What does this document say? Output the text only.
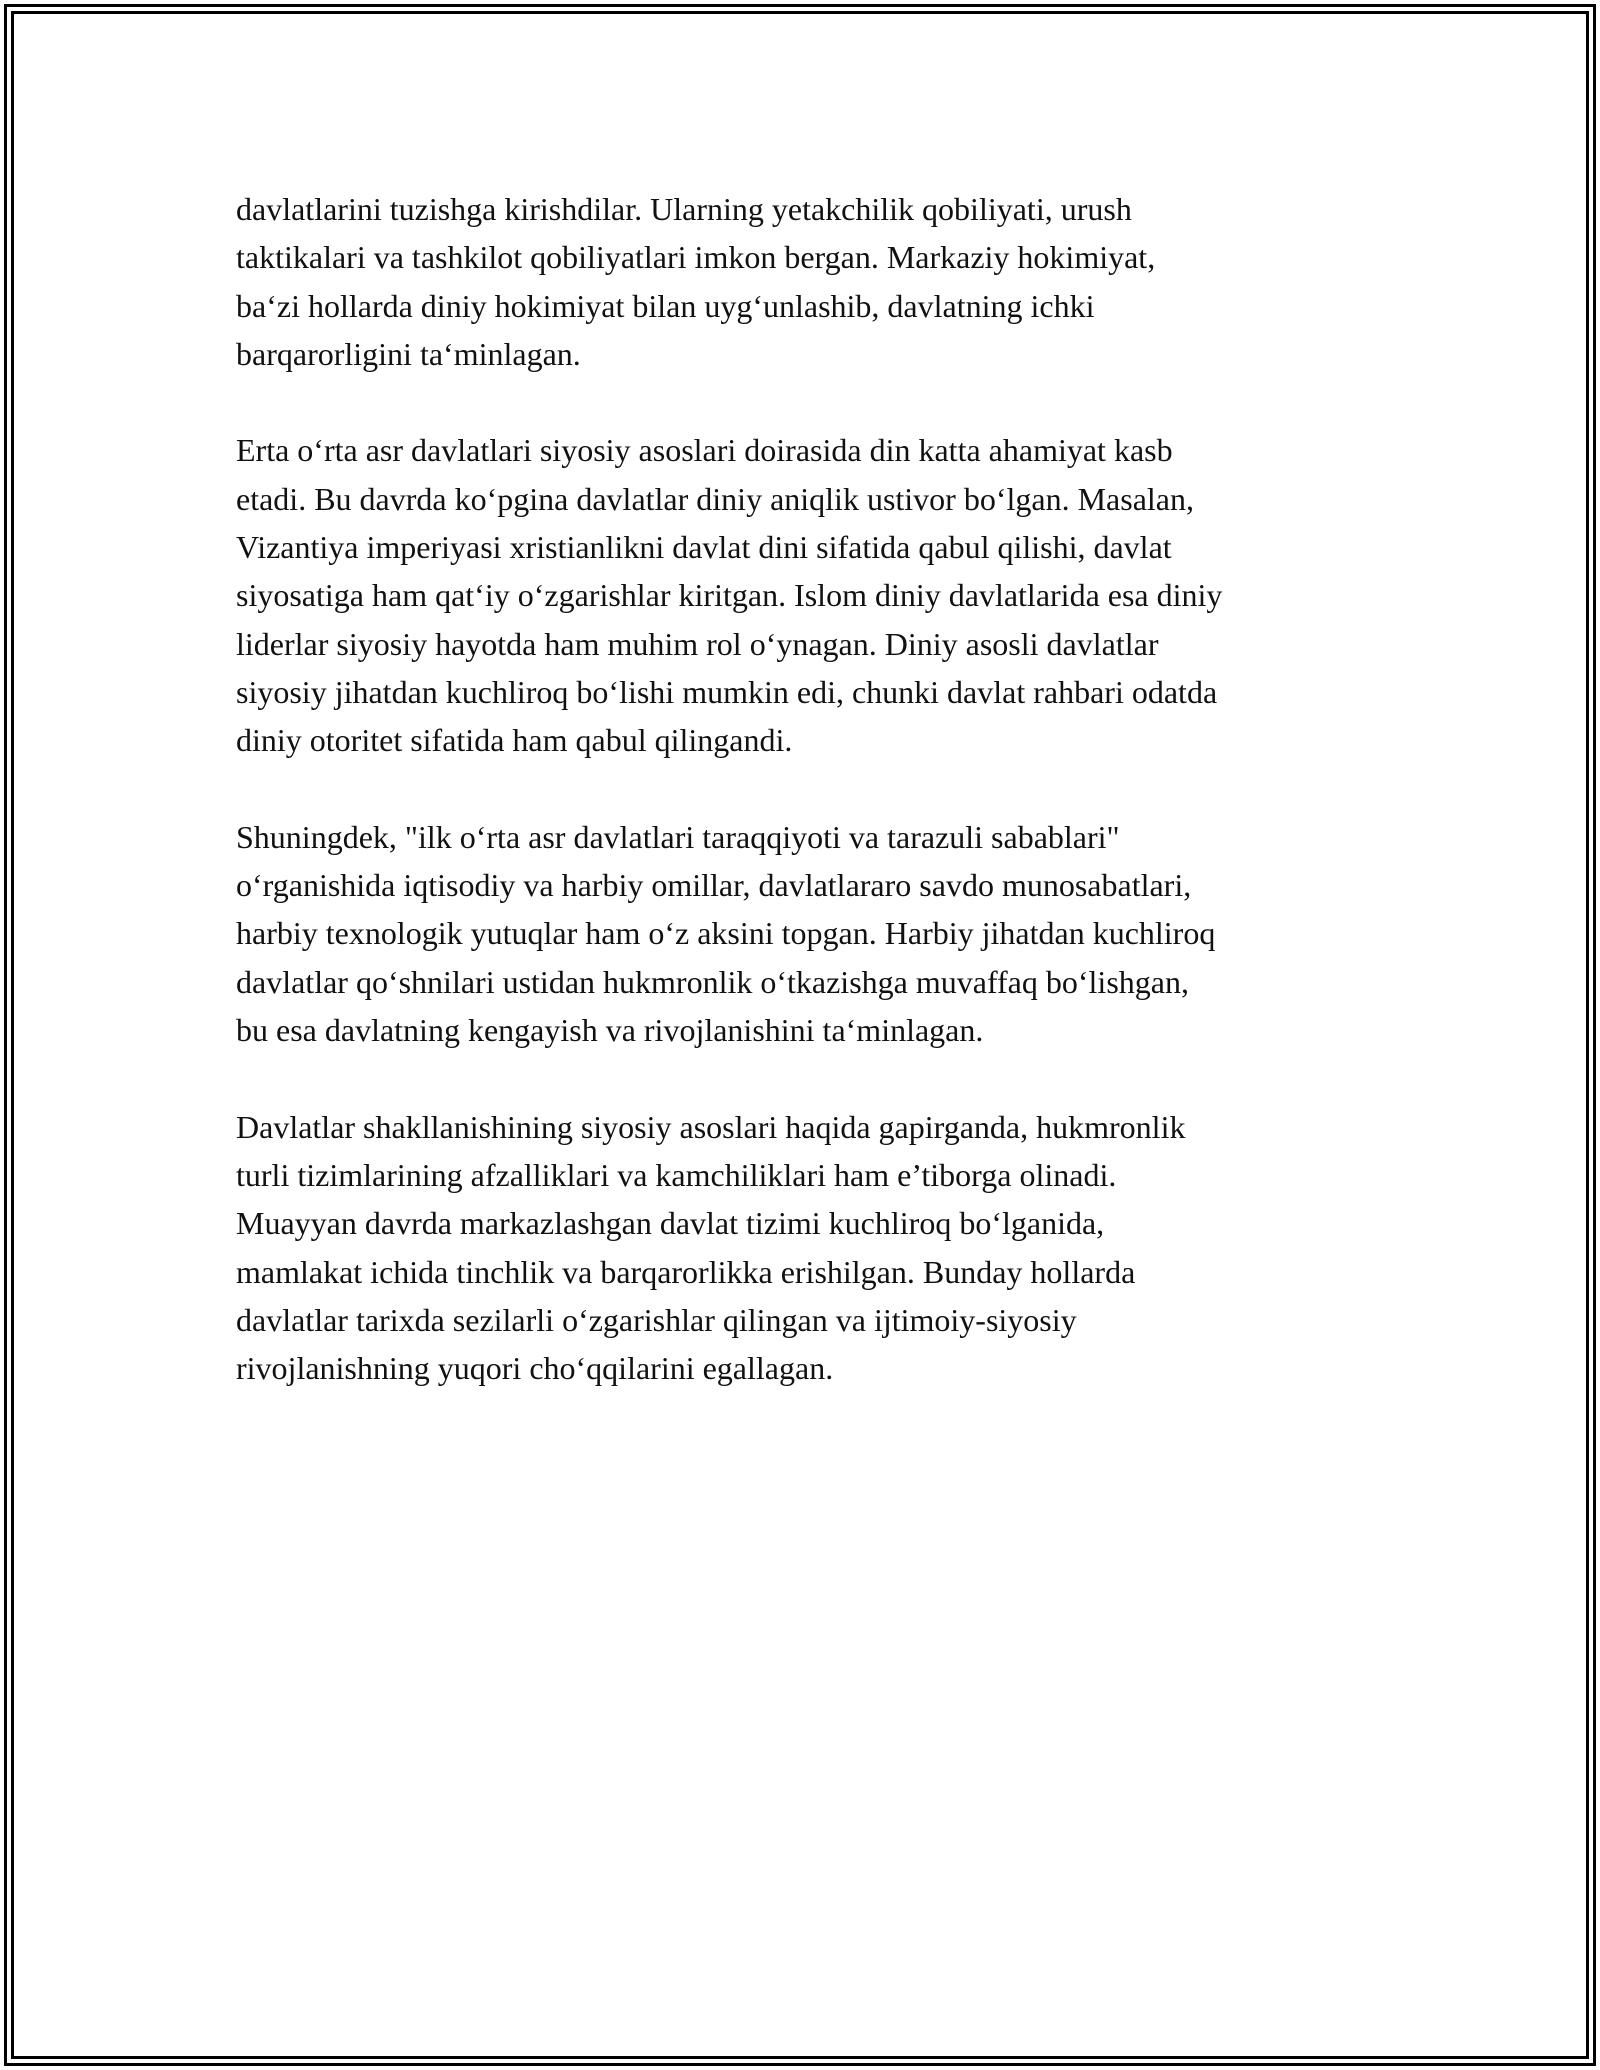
davlatlarini tuzishga kirishdilar. Ularning yetakchilik qobiliyati, urush
taktikalari va tashkilot qobiliyatlari imkon bergan. Markaziy hokimiyat,
ba‘zi hollarda diniy hokimiyat bilan uyg‘unlashib, davlatning ichki
barqarorligini ta‘minlagan.

Erta o‘rta asr davlatlari siyosiy asoslari doirasida din katta ahamiyat kasb
etadi. Bu davrda ko‘pgina davlatlar diniy aniqlik ustivor bo‘lgan. Masalan,
Vizantiya imperiyasi xristianlikni davlat dini sifatida qabul qilishi, davlat
siyosatiga ham qat‘iy o‘zgarishlar kiritgan. Islom diniy davlatlarida esa diniy
liderlar siyosiy hayotda ham muhim rol o‘ynagan. Diniy asosli davlatlar
siyosiy jihatdan kuchliroq bo‘lishi mumkin edi, chunki davlat rahbari odatda
diniy otoritet sifatida ham qabul qilingandi.

Shuningdek, "ilk o‘rta asr davlatlari taraqqiyoti va tarazuli sabablari"
o‘rganishida iqtisodiy va harbiy omillar, davlatlararo savdo munosabatlari,
harbiy texnologik yutuqlar ham o‘z aksini topgan. Harbiy jihatdan kuchliroq
davlatlar qo‘shnilari ustidan hukmronlik o‘tkazishga muvaffaq bo‘lishgan,
bu esa davlatning kengayish va rivojlanishini ta‘minlagan.

Davlatlar shakllanishining siyosiy asoslari haqida gapirganda, hukmronlik
turli tizimlarining afzalliklari va kamchiliklari ham e’tiborga olinadi.
Muayyan davrda markazlashgan davlat tizimi kuchliroq bo‘lganida,
mamlakat ichida tinchlik va barqarorlikka erishilgan. Bunday hollarda
davlatlar tarixda sezilarli o‘zgarishlar qilingan va ijtimoiy-siyosiy
rivojlanishning yuqori cho‘qqilarini egallagan.
